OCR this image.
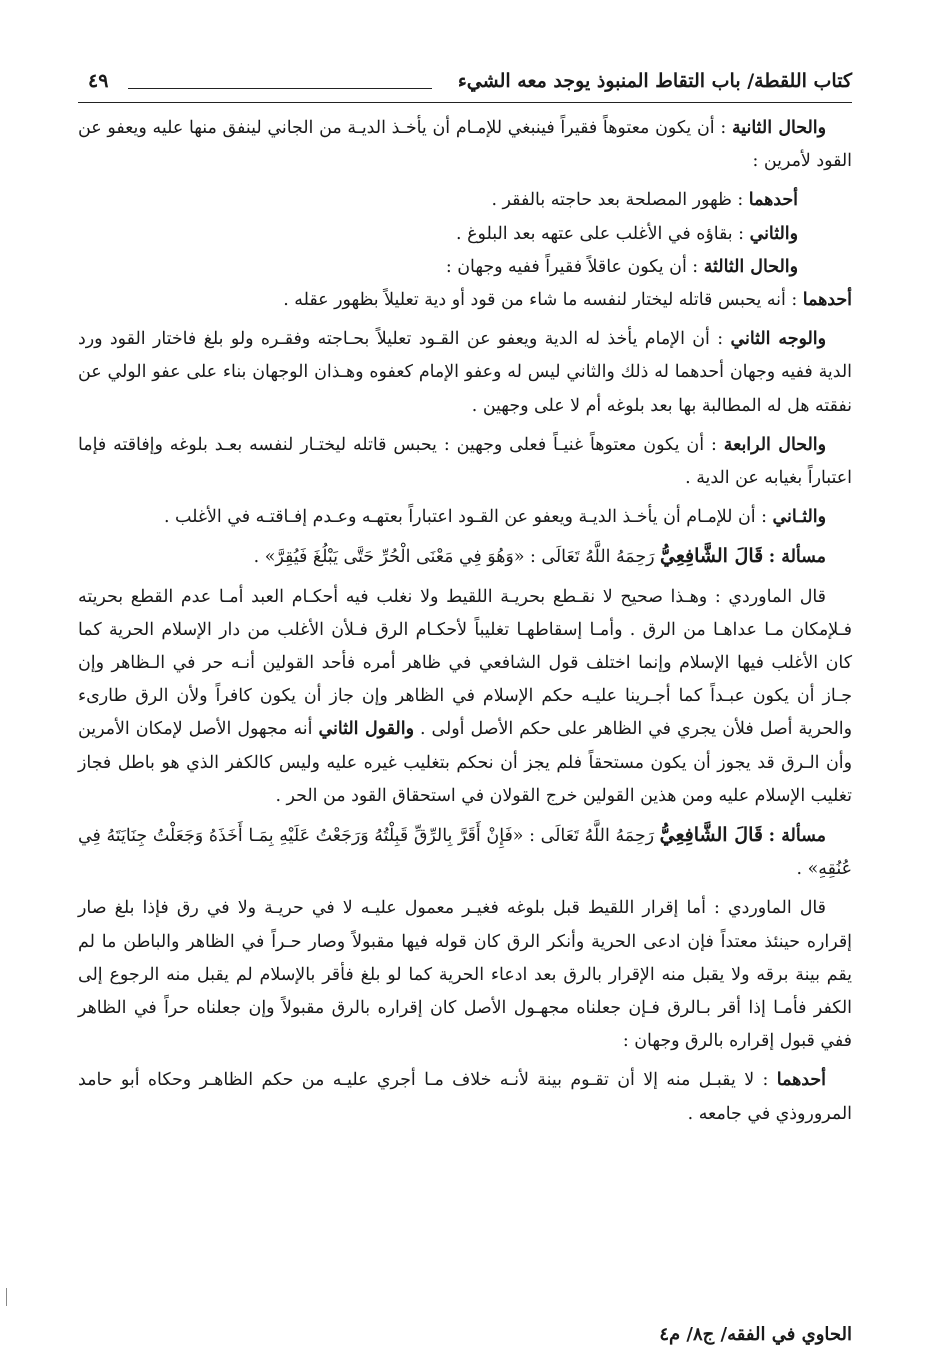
كتاب اللقطة/ باب التقاط المنبوذ يوجد معه الشيء
٤٩

والحال الثانية : أن يكون معتوهاً فقيراً فينبغي للإمـام أن يأخـذ الديـة من الجاني لينفق منها عليه ويعفو عن القود لأمرين :

أحدهما : ظهور المصلحة بعد حاجته بالفقر .

والثاني : بقاؤه في الأغلب على عتهه بعد البلوغ .

والحال الثالثة : أن يكون عاقلاً فقيراً ففيه وجهان :

أحدهما : أنه يحبس قاتله ليختار لنفسه ما شاء من قود أو دية تعليلاً بظهور عقله .

والوجه الثاني : أن الإمام يأخذ له الدية ويعفو عن القـود تعليلاً بحـاجته وفقـره ولو بلغ فاختار القود ورد الدية ففيه وجهان أحدهما له ذلك والثاني ليس له وعفو الإمام كعفوه وهـذان الوجهان بناء على عفو الولي عن نفقته هل له المطالبة بها بعد بلوغه أم لا على وجهين .

والحال الرابعة : أن يكون معتوهاً غنيـاً فعلى وجهين : يحبس قاتله ليختـار لنفسه بعـد بلوغه وإفاقته فإما اعتباراً بغيابه عن الدية .

والثـاني : أن للإمـام أن يأخـذ الديـة ويعفو عن القـود اعتباراً بعتهـه وعـدم إفـاقتـه في الأغلب .

مسألة : قَالَ الشَّافِعِيُّ رَحِمَهُ اللَّهُ تَعَالَى : «وَهُوَ فِي مَعْنَى الْحُرِّ حَتَّى يَبْلُغَ فَيُقِرَّ» .

قال الماوردي : وهـذا صحيح لا نقـطع بحريـة اللقيط ولا نغلب فيه أحكـام العبد أمـا عدم القطع بحريته فـلإمكان مـا عداهـا من الرق . وأمـا إسقاطهـا تغليباً لأحكـام الرق فـلأن الأغلب من دار الإسلام الحرية كما كان الأغلب فيها الإسلام وإنما اختلف قول الشافعي في ظاهر أمره فأحد القولين أنـه حر في الـظاهر وإن جـاز أن يكون عبـداً كما أجـرينا عليـه حكم الإسلام في الظاهر وإن جاز أن يكون كافراً ولأن الرق طارىء والحرية أصل فلأن يجري في الظاهر على حكم الأصل أولى . والقول الثاني أنه مجهول الأصل لإمكان الأمرين وأن الـرق قد يجوز أن يكون مستحقاً فلم يجز أن نحكم بتغليب غيره عليه وليس كالكفر الذي هو باطل فجاز تغليب الإسلام عليه ومن هذين القولين خرج القولان في استحقاق القود من الحر .

مسألة : قَالَ الشَّافِعِيُّ رَحِمَهُ اللَّهُ تَعَالَى : «فَإِنْ أَقَرَّ بِالرِّقِّ قَبِلْتُهُ وَرَجَعْتُ عَلَيْهِ بِمَـا أَخَذَهُ وَجَعَلْتُ جِنَايَتَهُ فِي عُنُقِهِ» .

قال الماوردي : أما إقرار اللقيط قبل بلوغه فغيـر معمول عليـه لا في حريـة ولا في رق فإذا بلغ صار إقراره حينئذ معتداً فإن ادعى الحرية وأنكر الرق كان قوله فيها مقبولاً وصار حـراً في الظاهر والباطن ما لم يقم بينة برقه ولا يقبل منه الإقرار بالرق بعد ادعاء الحرية كما لو بلغ فأقر بالإسلام لم يقبل منه الرجوع إلى الكفر فأمـا إذا أقر بـالرق فـإن جعلناه مجهـول الأصل كان إقراره بالرق مقبولاً وإن جعلناه حراً في الظاهر ففي قبول إقراره بالرق وجهان :

أحدهما : لا يقبـل منه إلا أن تقـوم بينة لأنـه خلاف مـا أجري عليـه من حكم الظاهـر وحكاه أبو حامد المروروذي في جامعه .

الحاوي في الفقه/ ج٨/ م٤
